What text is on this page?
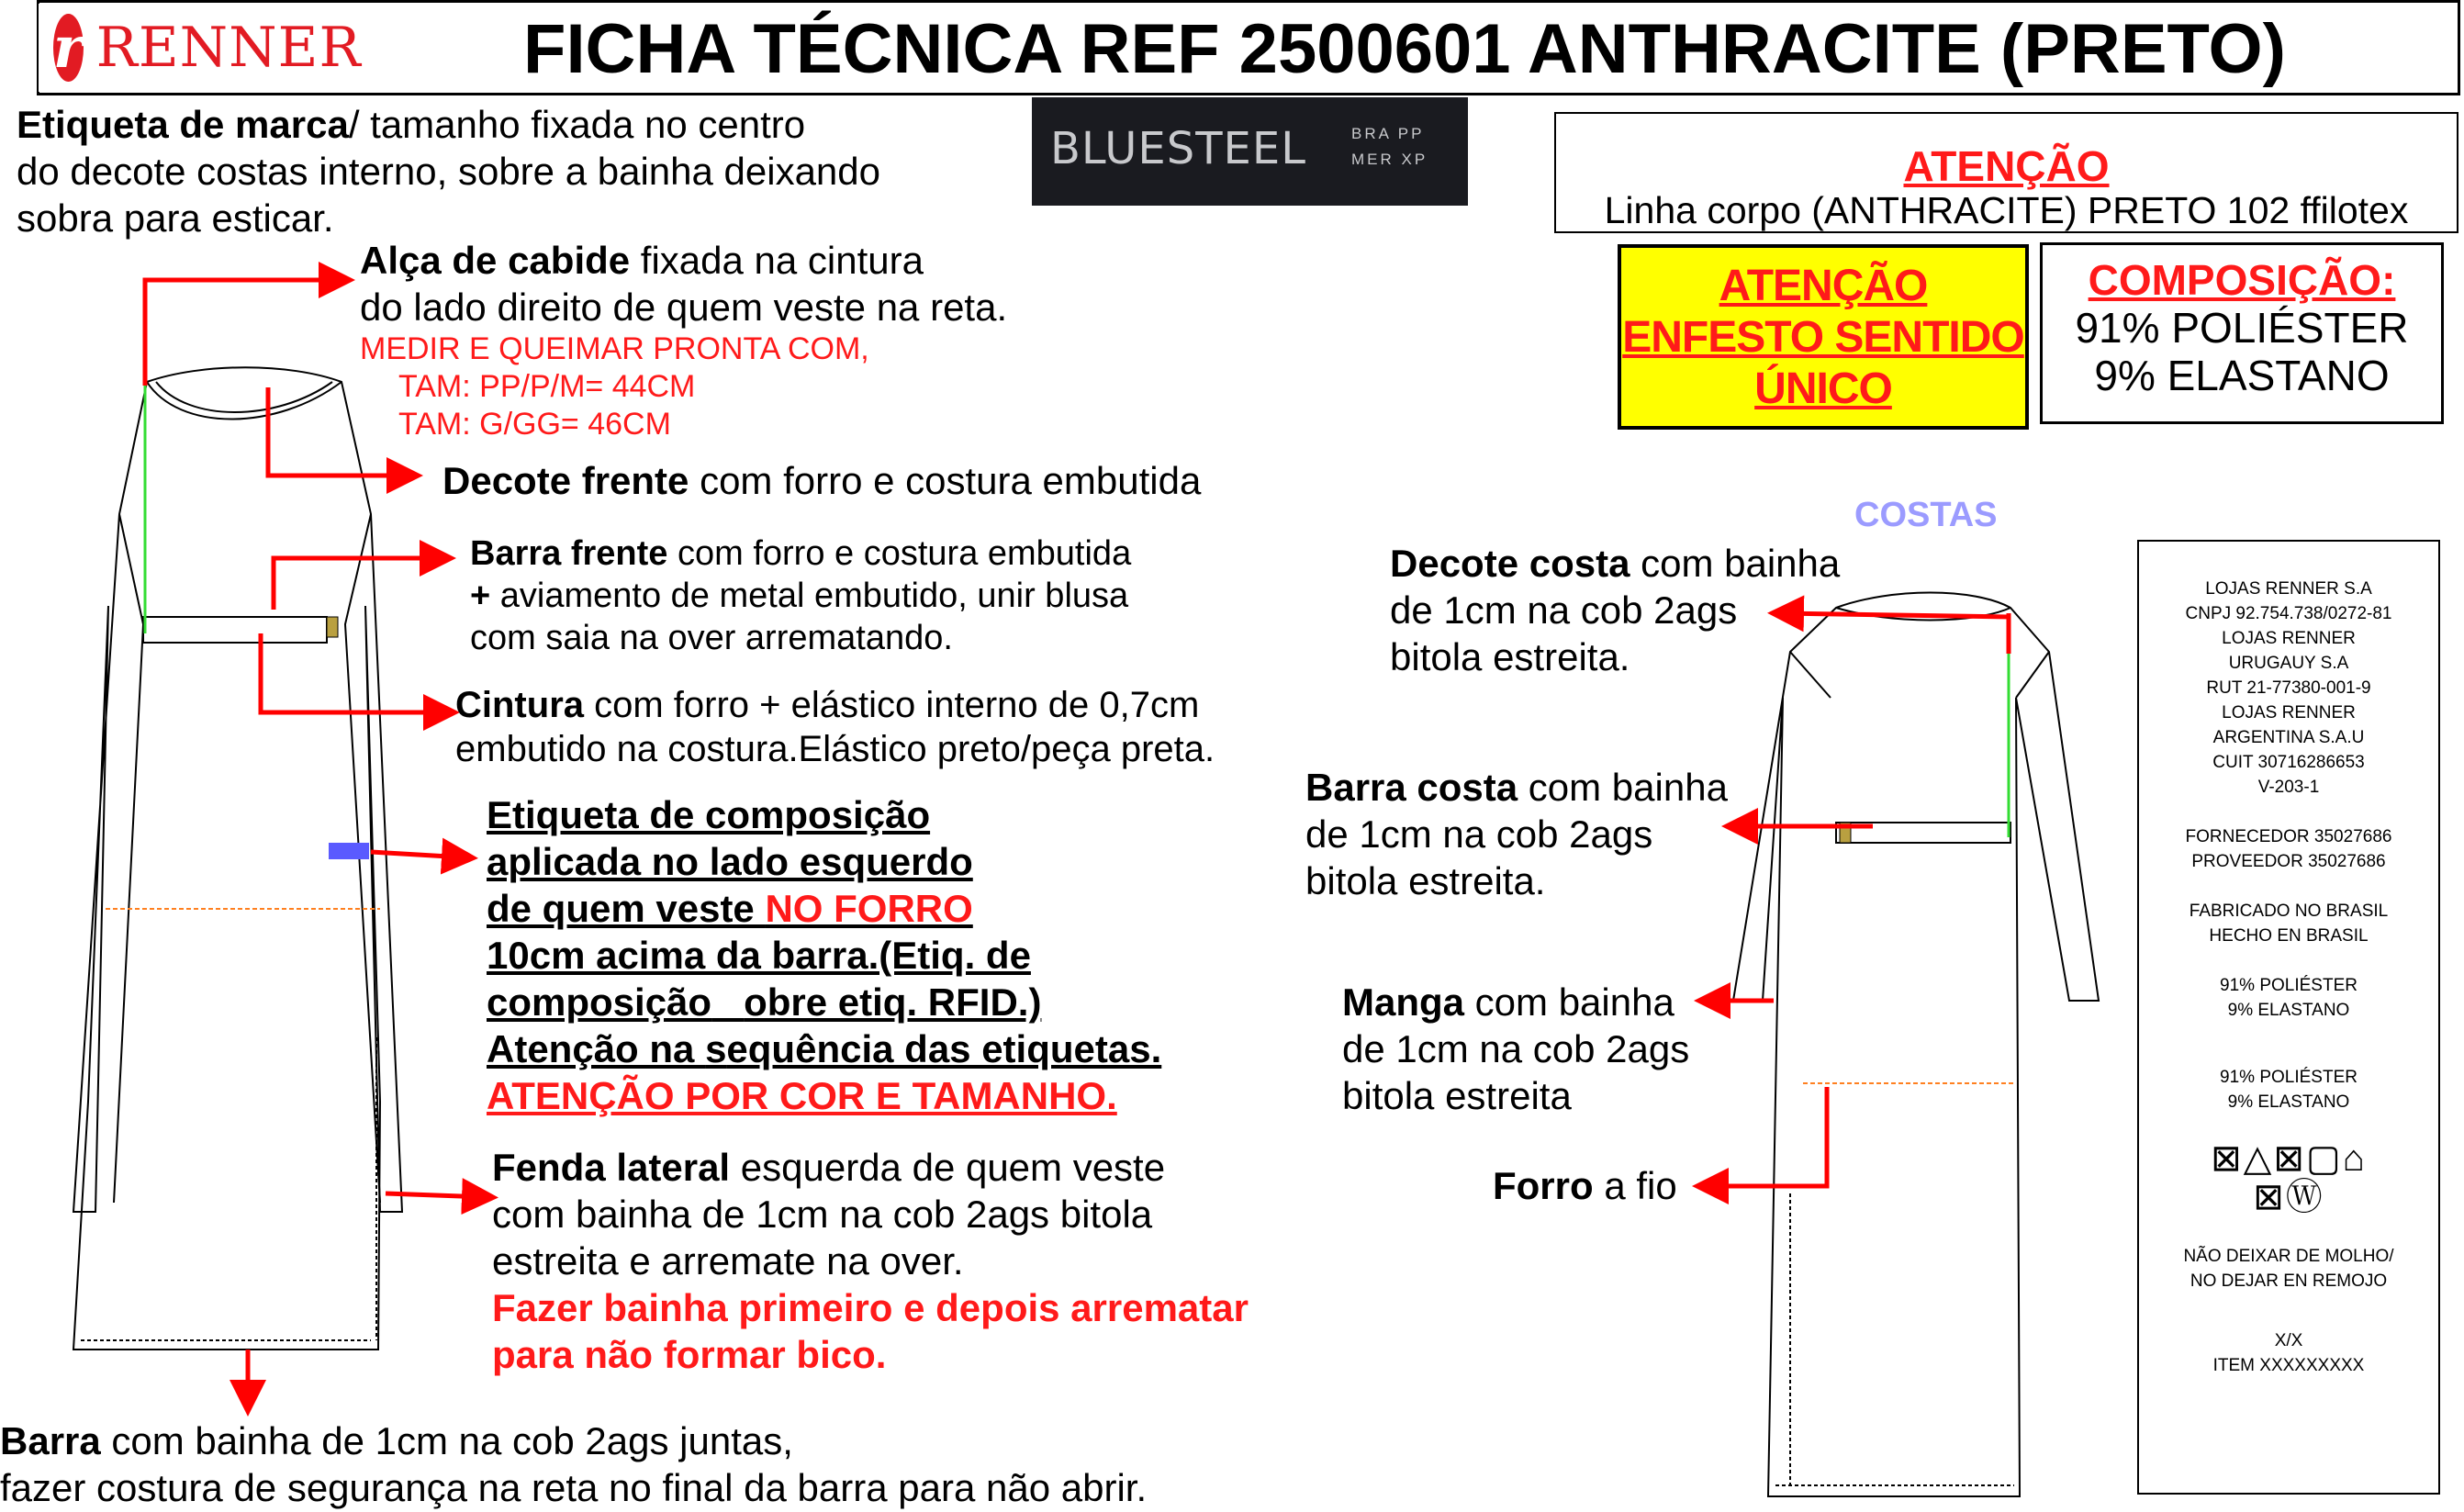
r RENNER	FICHA TÉCNICA REF 2500601 ANTHRACITE (PRETO)
BLUESTEEL	BRA PP
MER XP	ATENÇÃO
Linha corpo (ANTHRACITE) PRETO 102 ffilotex
ATENÇÃO
ENFESTO SENTIDO
ÚNICO
COMPOSIÇÃO:
91% POLIÉSTER
9% ELASTANO
COSTAS
Etiqueta de marca/ tamanho fixada no centro
do decote costas interno, sobre a bainha deixando
sobra para esticar.
Alça de cabide fixada na cintura
do lado direito de quem veste na reta.
MEDIR E QUEIMAR PRONTA COM,
TAM: PP/P/M= 44CM
TAM: G/GG= 46CM
Decote frente com forro e costura embutida
Barra frente com forro e costura embutida
+ aviamento de metal embutido, unir blusa
com saia na over arrematando.
Cintura com forro + elástico interno de 0,7cm
embutido na costura.Elástico preto/peça preta.
Etiqueta de composição
aplicada no lado esquerdo
de quem veste NO FORRO
10cm acima da barra.(Etiq. de
composição obre etiq. RFID.)
Atenção na sequência das etiquetas.
ATENÇÃO POR COR E TAMANHO.
Fenda lateral esquerda de quem veste
com bainha de 1cm na cob 2ags bitola
estreita e arremate na over.
Fazer bainha primeiro e depois arrematar
para não formar bico.
Barra com bainha de 1cm na cob 2ags juntas,
fazer costura de segurança na reta no final da barra para não abrir.
Decote costa com bainha
de 1cm na cob 2ags
bitola estreita.
Barra costa com bainha
de 1cm na cob 2ags
bitola estreita.
Manga com bainha
de 1cm na cob 2ags
bitola estreita
Forro a fio
LOJAS RENNER S.A
CNPJ 92.754.738/0272-81
LOJAS RENNER
URUGAUY S.A
RUT 21-77380-001-9
LOJAS RENNER
ARGENTINA S.A.U
CUIT 30716286653
V-203-1
FORNECEDOR 35027686
PROVEEDOR 35027686
FABRICADO NO BRASIL
HECHO EN BRASIL
91% POLIÉSTER
9% ELASTANO
91% POLIÉSTER
9% ELASTANO
⊠△⊠▢⌂
⊠Ⓦ
NÃO DEIXAR DE MOLHO/
NO DEJAR EN REMOJO
X/X
ITEM XXXXXXXXX
